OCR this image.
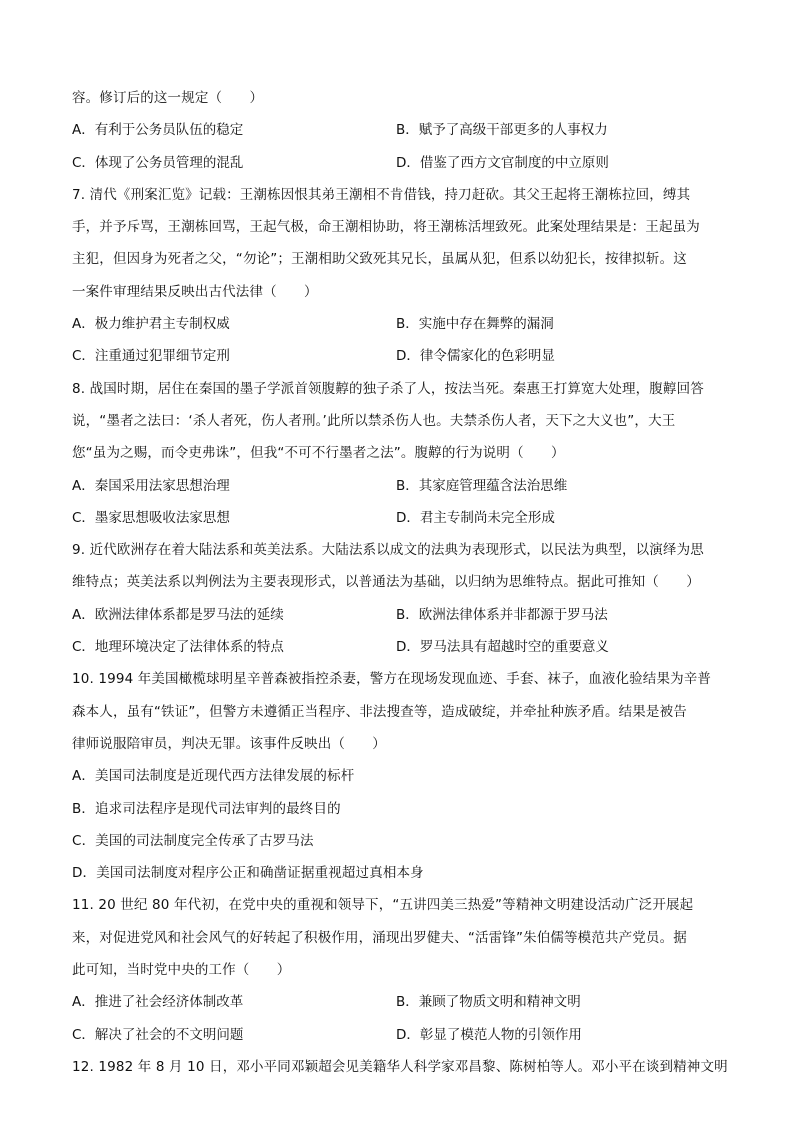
容。修订后的这一规定（　　）
A．有利于公务员队伍的稳定	B．赋予了高级干部更多的人事权力
C．体现了公务员管理的混乱	D．借鉴了西方文官制度的中立原则
7. 清代《刑案汇览》记载：王潮栋因恨其弟王潮相不肯借钱，持刀赶砍。其父王起将王潮栋拉回，缚其
手，并予斥骂，王潮栋回骂，王起气极，命王潮相协助，将王潮栋活埋致死。此案处理结果是：王起虽为
主犯，但因身为死者之父，“勿论”；王潮相助父致死其兄长，虽属从犯，但系以幼犯长，按律拟斩。这
一案件审理结果反映出古代法律（　　）
A．极力维护君主专制权威	B．实施中存在舞弊的漏洞
C．注重通过犯罪细节定刑	D．律令儒家化的色彩明显
8. 战国时期，居住在秦国的墨子学派首领腹䵍的独子杀了人，按法当死。秦惠王打算宽大处理，腹䵍回答
说，“墨者之法曰：‘杀人者死，伤人者刑。’此所以禁杀伤人也。夫禁杀伤人者，天下之大义也”，大王
您“虽为之赐，而令吏弗诛”，但我“不可不行墨者之法”。腹䵍的行为说明（　　）
A．秦国采用法家思想治理	B．其家庭管理蕴含法治思维
C．墨家思想吸收法家思想	D．君主专制尚未完全形成
9. 近代欧洲存在着大陆法系和英美法系。大陆法系以成文的法典为表现形式，以民法为典型，以演绎为思
维特点；英美法系以判例法为主要表现形式，以普通法为基础，以归纳为思维特点。据此可推知（　　）
A．欧洲法律体系都是罗马法的延续	B．欧洲法律体系并非都源于罗马法
C．地理环境决定了法律体系的特点	D．罗马法具有超越时空的重要意义
10. 1994 年美国橄榄球明星辛普森被指控杀妻，警方在现场发现血迹、手套、袜子，血液化验结果为辛普
森本人，虽有“铁证”，但警方未遵循正当程序、非法搜查等，造成破绽，并牵扯种族矛盾。结果是被告
律师说服陪审员，判决无罪。该事件反映出（　　）
A．美国司法制度是近现代西方法律发展的标杆
B．追求司法程序是现代司法审判的最终目的
C．美国的司法制度完全传承了古罗马法
D．美国司法制度对程序公正和确凿证据重视超过真相本身
11. 20 世纪 80 年代初，在党中央的重视和领导下，“五讲四美三热爱”等精神文明建设活动广泛开展起
来，对促进党风和社会风气的好转起了积极作用，涌现出罗健夫、“活雷锋”朱伯儒等模范共产党员。据
此可知，当时党中央的工作（　　）
A．推进了社会经济体制改革	B．兼顾了物质文明和精神文明
C．解决了社会的不文明问题	D．彰显了模范人物的引领作用
12. 1982 年 8 月 10 日，邓小平同邓颖超会见美籍华人科学家邓昌黎、陈树柏等人。邓小平在谈到精神文明
